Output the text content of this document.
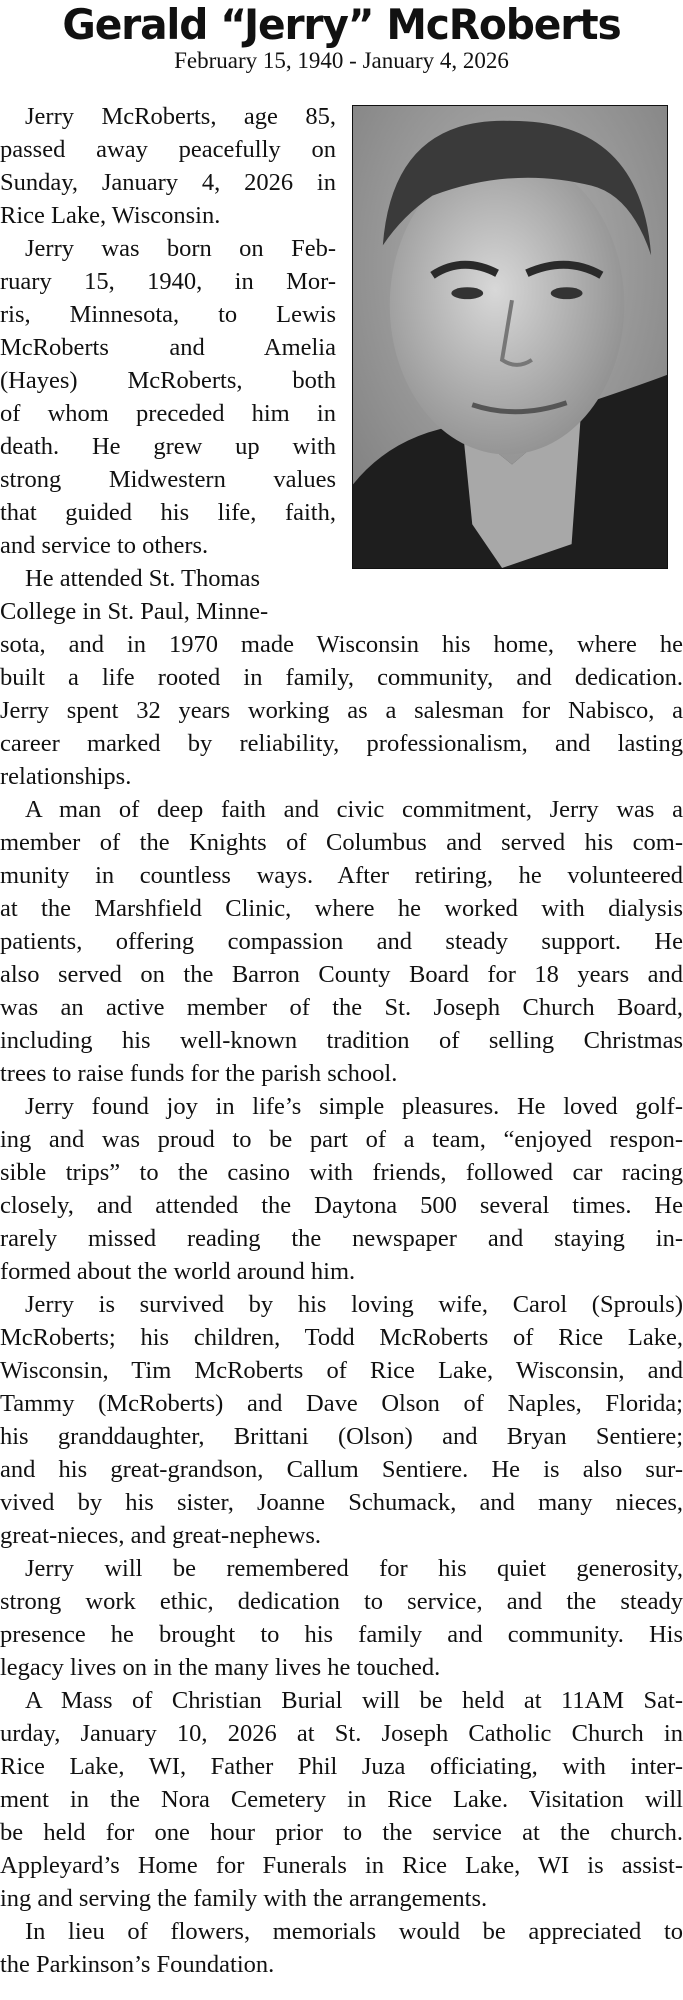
Gerald “Jerry” McRoberts
February 15, 1940 - January 4, 2026
Jerry McRoberts, age 85,
passed away peacefully on
Sunday, January 4, 2026 in
Rice Lake, Wisconsin.
Jerry was born on Feb-
ruary 15, 1940, in Mor-
ris, Minnesota, to Lewis
McRoberts and Amelia
(Hayes) McRoberts, both
of whom preceded him in
death. He grew up with
strong Midwestern values
that guided his life, faith,
and service to others.
He attended St. Thomas
College in St. Paul, Minne-
sota, and in 1970 made Wisconsin his home, where he
built a life rooted in family, community, and dedication.
Jerry spent 32 years working as a salesman for Nabisco, a
career marked by reliability, professionalism, and lasting
relationships.
A man of deep faith and civic commitment, Jerry was a
member of the Knights of Columbus and served his com-
munity in countless ways. After retiring, he volunteered
at the Marshfield Clinic, where he worked with dialysis
patients, offering compassion and steady support. He
also served on the Barron County Board for 18 years and
was an active member of the St. Joseph Church Board,
including his well-known tradition of selling Christmas
trees to raise funds for the parish school.
Jerry found joy in life’s simple pleasures. He loved golf-
ing and was proud to be part of a team, “enjoyed respon-
sible trips” to the casino with friends, followed car racing
closely, and attended the Daytona 500 several times. He
rarely missed reading the newspaper and staying in-
formed about the world around him.
Jerry is survived by his loving wife, Carol (Sprouls)
McRoberts; his children, Todd McRoberts of Rice Lake,
Wisconsin, Tim McRoberts of Rice Lake, Wisconsin, and
Tammy (McRoberts) and Dave Olson of Naples, Florida;
his granddaughter, Brittani (Olson) and Bryan Sentiere;
and his great-grandson, Callum Sentiere. He is also sur-
vived by his sister, Joanne Schumack, and many nieces,
great-nieces, and great-nephews.
Jerry will be remembered for his quiet generosity,
strong work ethic, dedication to service, and the steady
presence he brought to his family and community. His
legacy lives on in the many lives he touched.
A Mass of Christian Burial will be held at 11AM Sat-
urday, January 10, 2026 at St. Joseph Catholic Church in
Rice Lake, WI, Father Phil Juza officiating, with inter-
ment in the Nora Cemetery in Rice Lake. Visitation will
be held for one hour prior to the service at the church.
Appleyard’s Home for Funerals in Rice Lake, WI is assist-
ing and serving the family with the arrangements.
In lieu of flowers, memorials would be appreciated to
the Parkinson’s Foundation.
